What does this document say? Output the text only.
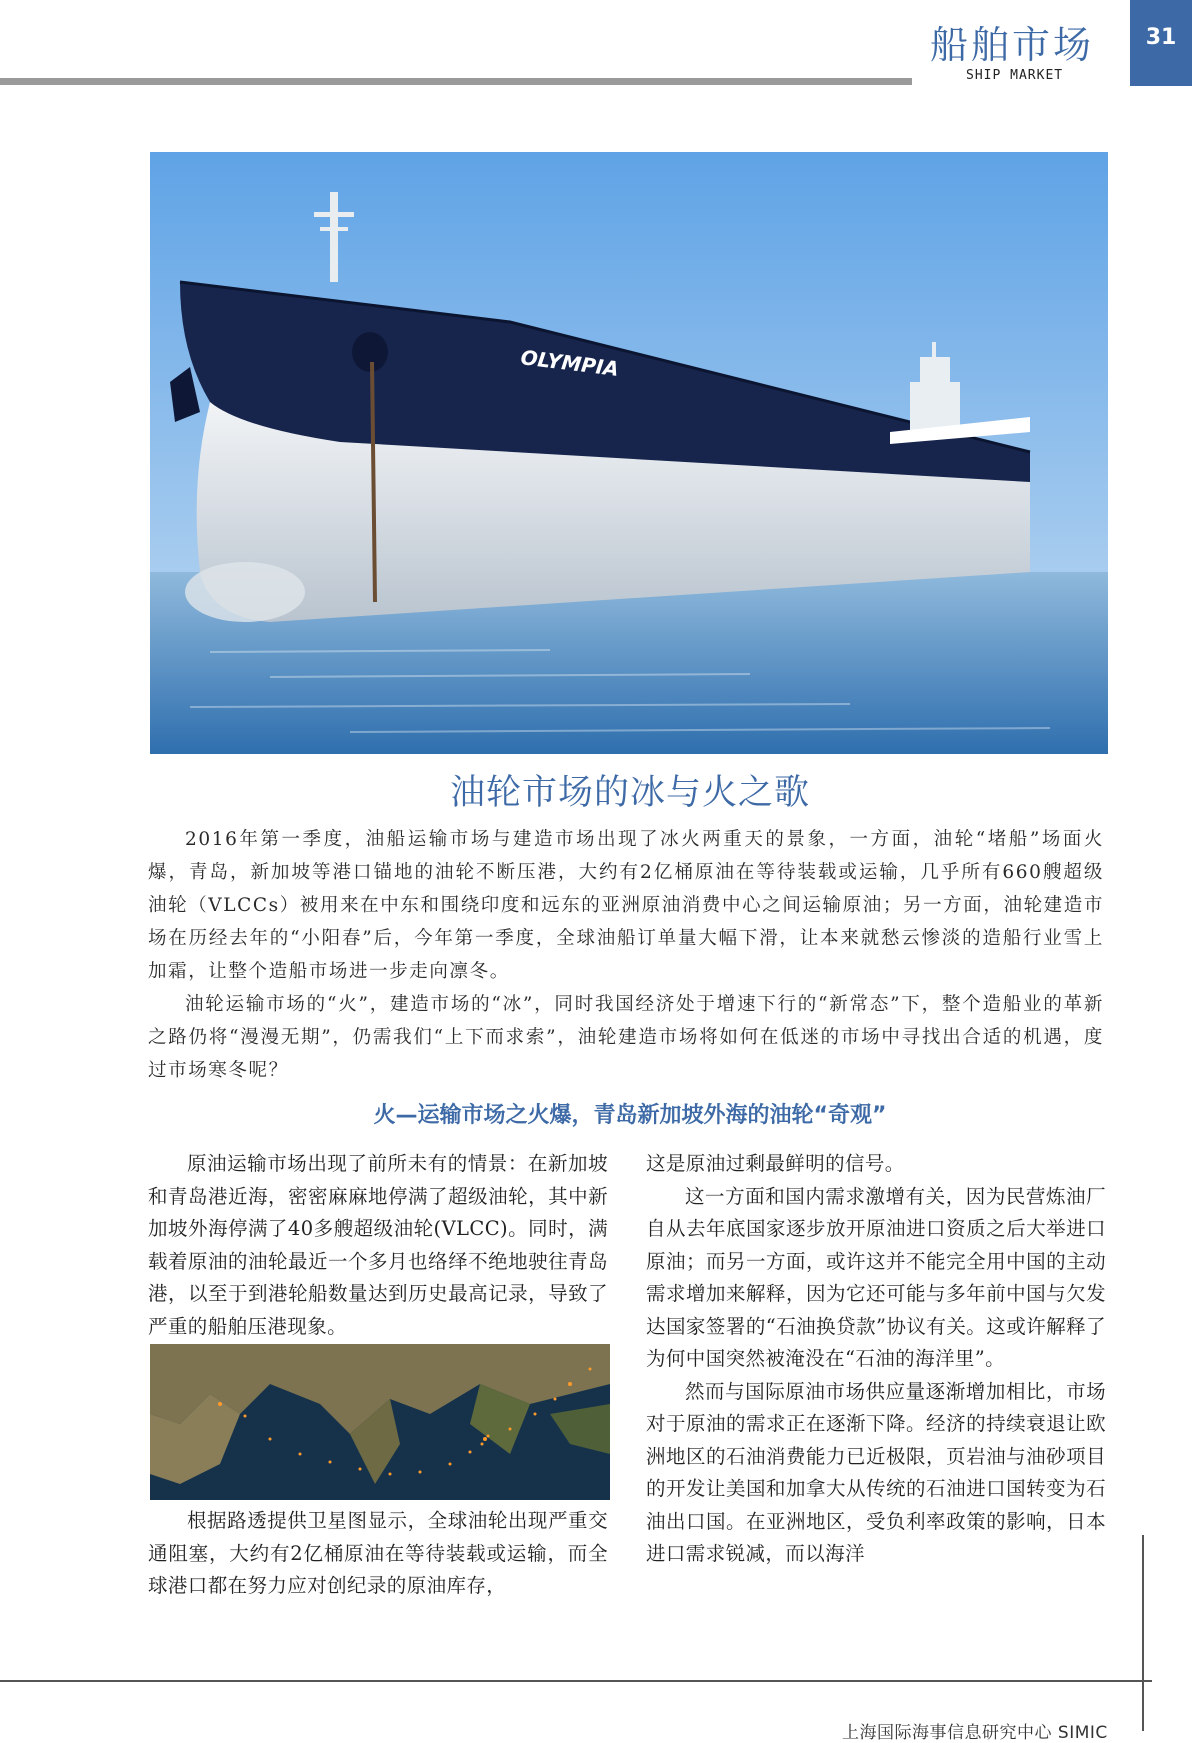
船舶市场
SHIP MARKET
31
OLYMPIA
油轮市场的冰与火之歌

2016年第一季度，油船运输市场与建造市场出现了冰火两重天的景象，一方面，油轮“堵船”场面火爆，青岛，新加坡等港口锚地的油轮不断压港，大约有2亿桶原油在等待装载或运输，几乎所有660艘超级油轮（VLCCs）被用来在中东和围绕印度和远东的亚洲原油消费中心之间运输原油；另一方面，油轮建造市场在历经去年的“小阳春”后，今年第一季度，全球油船订单量大幅下滑，让本来就愁云惨淡的造船行业雪上加霜，让整个造船市场进一步走向凛冬。

油轮运输市场的“火”，建造市场的“冰”，同时我国经济处于增速下行的“新常态”下，整个造船业的革新之路仍将“漫漫无期”，仍需我们“上下而求索”，油轮建造市场将如何在低迷的市场中寻找出合适的机遇，度过市场寒冬呢？

火—运输市场之火爆，青岛新加坡外海的油轮“奇观”

原油运输市场出现了前所未有的情景：在新加坡和青岛港近海，密密麻麻地停满了超级油轮，其中新加坡外海停满了40多艘超级油轮(VLCC)。同时，满载着原油的油轮最近一个多月也络绎不绝地驶往青岛港，以至于到港轮船数量达到历史最高记录，导致了严重的船舶压港现象。

根据路透提供卫星图显示，全球油轮出现严重交通阻塞，大约有2亿桶原油在等待装载或运输，而全球港口都在努力应对创纪录的原油库存，

这是原油过剩最鲜明的信号。

这一方面和国内需求激增有关，因为民营炼油厂自从去年底国家逐步放开原油进口资质之后大举进口原油；而另一方面，或许这并不能完全用中国的主动需求增加来解释，因为它还可能与多年前中国与欠发达国家签署的“石油换贷款”协议有关。这或许解释了为何中国突然被淹没在“石油的海洋里”。

然而与国际原油市场供应量逐渐增加相比，市场对于原油的需求正在逐渐下降。经济的持续衰退让欧洲地区的石油消费能力已近极限，页岩油与油砂项目的开发让美国和加拿大从传统的石油进口国转变为石油出口国。在亚洲地区，受负利率政策的影响，日本进口需求锐减，而以海洋

上海国际海事信息研究中心 SIMIC
